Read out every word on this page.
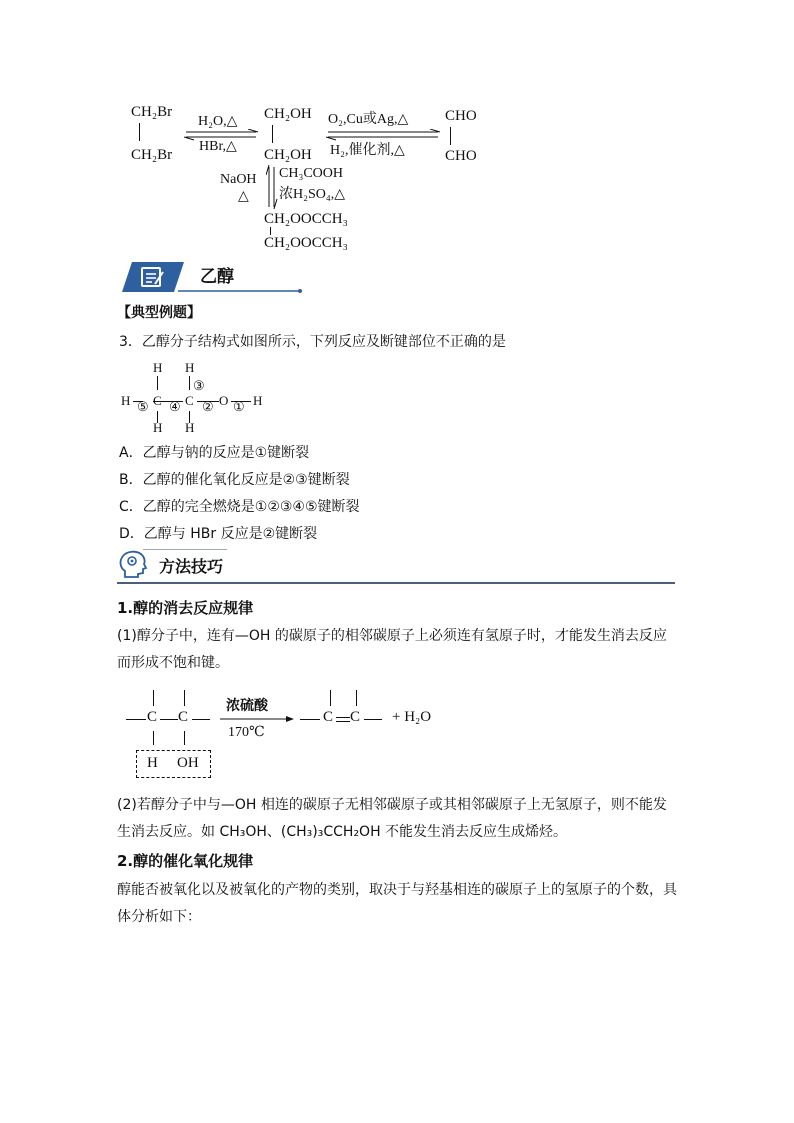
CH₂Br
CH₂Br
H₂O,△
HBr,△
CH₂OH
CH₂OH
O₂,Cu或Ag,△
H₂,催化剂,△
CHO
CHO
NaOH
△
CH₃COOH
浓H₂SO₄,△
CH₂OOCCH₃
CH₂OOCCH₃
乙醇
【典型例题】
3．乙醇分子结构式如图所示，下列反应及断键部位不正确的是
H ⑤
H
C
H
④
H
③
C
H
② O ① H
A．乙醇与钠的反应是①键断裂
B．乙醇的催化氧化反应是②③键断裂
C．乙醇的完全燃烧是①②③④⑤键断裂
D．乙醇与 HBr 反应是②键断裂
方法技巧
1.醇的消去反应规律
(1)醇分子中，连有—OH 的碳原子的相邻碳原子上必须连有氢原子时，才能发生消去反应而形成不饱和键。
C C
H OH
浓硫酸
170℃
C C + H₂O
(2)若醇分子中与—OH 相连的碳原子无相邻碳原子或其相邻碳原子上无氢原子，则不能发生消去反应。如 CH₃OH、(CH₃)₃CCH₂OH 不能发生消去反应生成烯烃。
2.醇的催化氧化规律
醇能否被氧化以及被氧化的产物的类别，取决于与羟基相连的碳原子上的氢原子的个数，具体分析如下：
